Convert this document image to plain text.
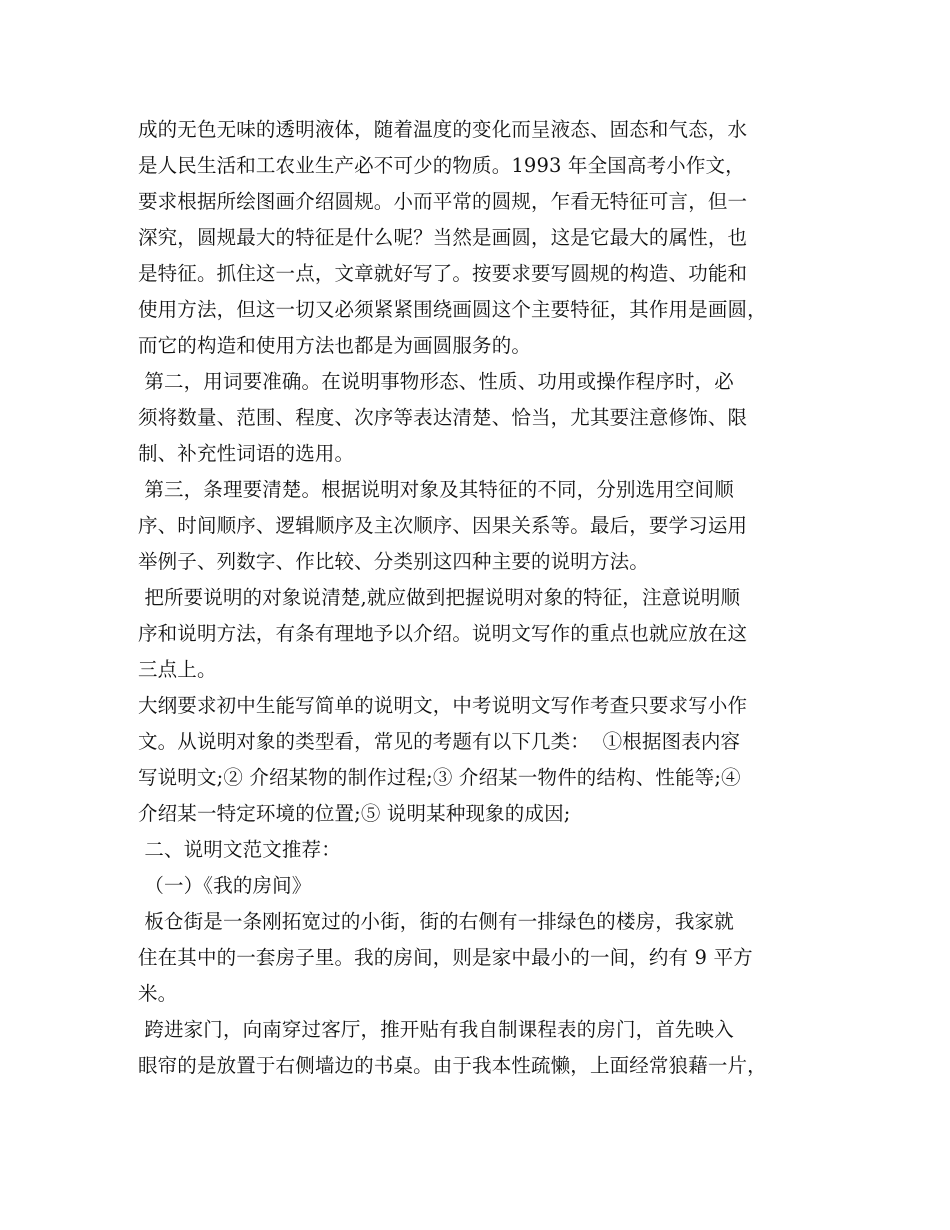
成的无色无味的透明液体，随着温度的变化而呈液态、固态和气态，水
是人民生活和工农业生产必不可少的物质。1993 年全国高考小作文，
要求根据所绘图画介绍圆规。小而平常的圆规，乍看无特征可言，但一
深究，圆规最大的特征是什么呢？当然是画圆，这是它最大的属性，也
是特征。抓住这一点，文章就好写了。按要求要写圆规的构造、功能和
使用方法，但这一切又必须紧紧围绕画圆这个主要特征，其作用是画圆，
而它的构造和使用方法也都是为画圆服务的。
第二，用词要准确。在说明事物形态、性质、功用或操作程序时，必
须将数量、范围、程度、次序等表达清楚、恰当，尤其要注意修饰、限
制、补充性词语的选用。
第三，条理要清楚。根据说明对象及其特征的不同，分别选用空间顺
序、时间顺序、逻辑顺序及主次顺序、因果关系等。最后，要学习运用
举例子、列数字、作比较、分类别这四种主要的说明方法。
把所要说明的对象说清楚,就应做到把握说明对象的特征，注意说明顺
序和说明方法，有条有理地予以介绍。说明文写作的重点也就应放在这
三点上。
大纲要求初中生能写简单的说明文，中考说明文写作考查只要求写小作
文。从说明对象的类型看，常见的考题有以下几类：  ①根据图表内容
写说明文;② 介绍某物的制作过程;③ 介绍某一物件的结构、性能等;④
介绍某一特定环境的位置;⑤ 说明某种现象的成因;
二、说明文范文推荐：
（一）《我的房间》
板仓街是一条刚拓宽过的小街，街的右侧有一排绿色的楼房，我家就
住在其中的一套房子里。我的房间，则是家中最小的一间，约有 9 平方
米。
跨进家门，向南穿过客厅，推开贴有我自制课程表的房门，首先映入
眼帘的是放置于右侧墙边的书桌。由于我本性疏懒，上面经常狼藉一片，
